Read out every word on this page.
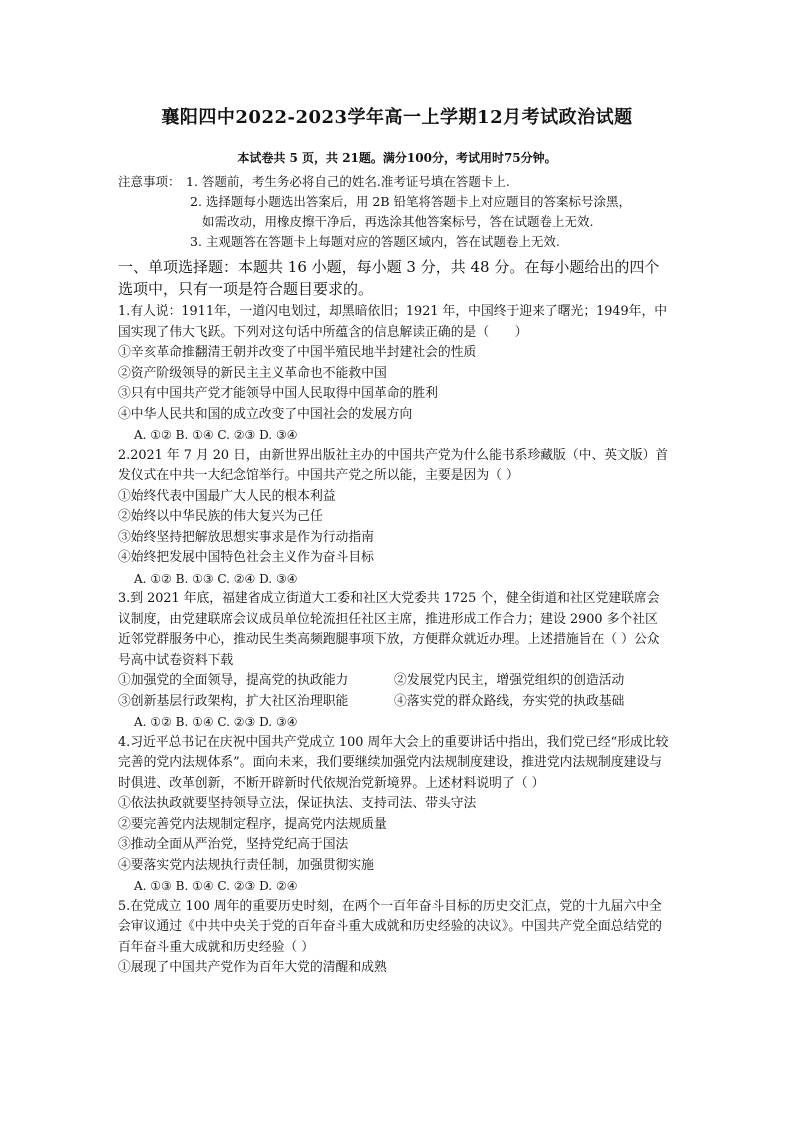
襄阳四中2022-2023学年高一上学期12月考试政治试题
本试卷共 5 页，共 21题。满分100分，考试用时75分钟。
注意事项： 1. 答题前，考生务必将自己的姓名.准考证号填在答题卡上.
2. 选择题每小题选出答案后，用 2B 铅笔将答题卡上对应题目的答案标号涂黑，
如需改动，用橡皮擦干净后，再选涂其他答案标号，答在试题卷上无效.
3. 主观题答在答题卡上每题对应的答题区域内，答在试题卷上无效.
一、单项选择题：本题共 16 小题，每小题 3 分，共 48 分。在每小题给出的四个选项中，只有一项是符合题目要求的。
1.有人说：1911年，一道闪电划过，却黑暗依旧；1921 年，中国终于迎来了曙光；1949年，中国实现了伟大飞跃。下列对这句话中所蕴含的信息解读正确的是（　　）
①辛亥革命推翻清王朝并改变了中国半殖民地半封建社会的性质
②资产阶级领导的新民主主义革命也不能救中国
③只有中国共产党才能领导中国人民取得中国革命的胜利
④中华人民共和国的成立改变了中国社会的发展方向
A. ①② B. ①④ C. ②③ D. ③④
2.2021 年 7 月 20 日，由新世界出版社主办的中国共产党为什么能书系珍藏版（中、英文版）首发仪式在中共一大纪念馆举行。中国共产党之所以能，主要是因为（ ）
①始终代表中国最广大人民的根本利益
②始终以中华民族的伟大复兴为己任
③始终坚持把解放思想实事求是作为行动指南
④始终把发展中国特色社会主义作为奋斗目标
A. ①② B. ①③ C. ②④ D. ③④
3.到 2021 年底，福建省成立街道大工委和社区大党委共 1725 个，健全街道和社区党建联席会议制度，由党建联席会议成员单位轮流担任社区主席，推进形成工作合力；建设 2900 多个社区近邻党群服务中心，推动民生类高频跑腿事项下放，方便群众就近办理。上述措施旨在（ ）公众号高中试卷资料下载
①加强党的全面领导，提高党的执政能力	②发展党内民主，增强党组织的创造活动
③创新基层行政架构，扩大社区治理职能	④落实党的群众路线，夯实党的执政基础
A. ①② B. ①④ C. ②③ D. ③④
4.习近平总书记在庆祝中国共产党成立 100 周年大会上的重要讲话中指出，我们党已经“形成比较完善的党内法规体系”。面向未来，我们要继续加强党内法规制度建设，推进党内法规制度建设与时俱进、改革创新，不断开辟新时代依规治党新境界。上述材料说明了（ ）
①依法执政就要坚持领导立法，保证执法、支持司法、带头守法
②要完善党内法规制定程序，提高党内法规质量
③推动全面从严治党，坚持党纪高于国法
④要落实党内法规执行责任制，加强贯彻实施
A. ①③ B. ①④ C. ②③ D. ②④
5.在党成立 100 周年的重要历史时刻，在两个一百年奋斗目标的历史交汇点，党的十九届六中全会审议通过《中共中央关于党的百年奋斗重大成就和历史经验的决议》。中国共产党全面总结党的百年奋斗重大成就和历史经验（ ）
①展现了中国共产党作为百年大党的清醒和成熟
